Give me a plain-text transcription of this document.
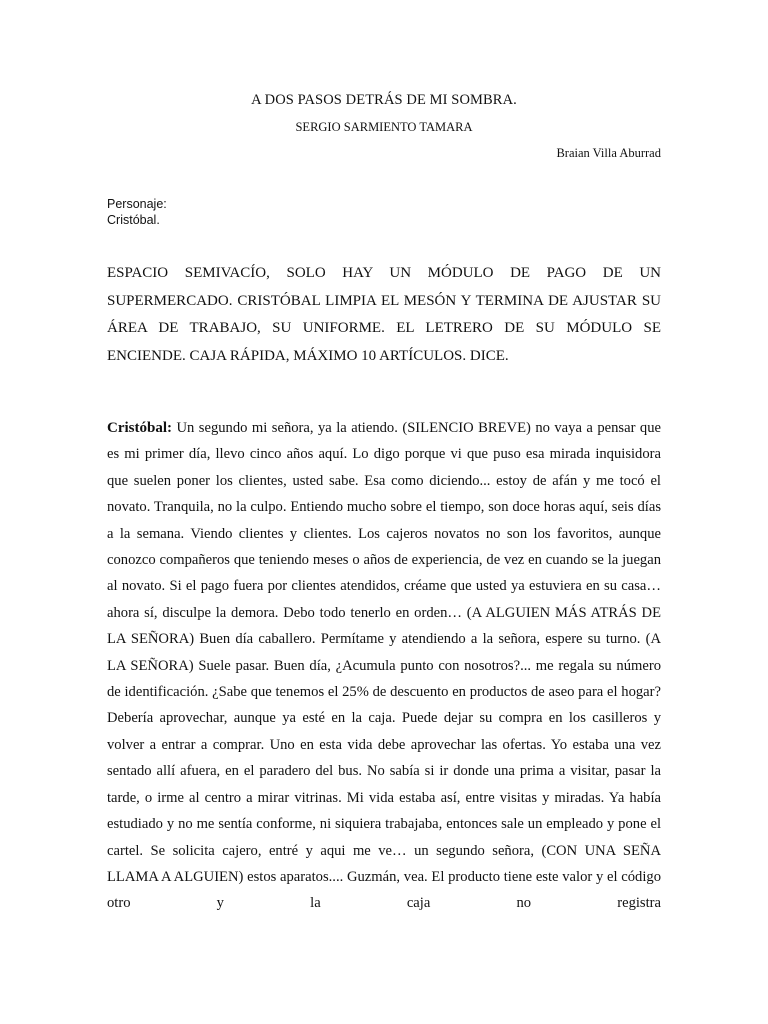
A DOS PASOS DETRÁS DE MI SOMBRA.
SERGIO SARMIENTO TAMARA
Braian Villa Aburrad
Personaje:
Cristóbal.
ESPACIO SEMIVACÍO, SOLO HAY UN MÓDULO DE PAGO DE UN SUPERMERCADO. CRISTÓBAL LIMPIA EL MESÓN Y TERMINA DE AJUSTAR SU ÁREA DE TRABAJO, SU UNIFORME. EL LETRERO DE SU MÓDULO SE ENCIENDE. CAJA RÁPIDA, MÁXIMO 10 ARTÍCULOS. DICE.
Cristóbal: Un segundo mi señora, ya la atiendo. (SILENCIO BREVE) no vaya a pensar que es mi primer día, llevo cinco años aquí. Lo digo porque vi que puso esa mirada inquisidora que suelen poner los clientes, usted sabe. Esa como diciendo... estoy de afán y me tocó el novato. Tranquila, no la culpo. Entiendo mucho sobre el tiempo, son doce horas aquí, seis días a la semana. Viendo clientes y clientes. Los cajeros novatos no son los favoritos, aunque conozco compañeros que teniendo meses o años de experiencia, de vez en cuando se la juegan al novato. Si el pago fuera por clientes atendidos, créame que usted ya estuviera en su casa… ahora sí, disculpe la demora. Debo todo tenerlo en orden… (A ALGUIEN MÁS ATRÁS DE LA SEÑORA) Buen día caballero. Permítame y atendiendo a la señora, espere su turno. (A LA SEÑORA) Suele pasar. Buen día, ¿Acumula punto con nosotros?... me regala su número de identificación. ¿Sabe que tenemos el 25% de descuento en productos de aseo para el hogar? Debería aprovechar, aunque ya esté en la caja. Puede dejar su compra en los casilleros y volver a entrar a comprar. Uno en esta vida debe aprovechar las ofertas. Yo estaba una vez sentado allí afuera, en el paradero del bus. No sabía si ir donde una prima a visitar, pasar la tarde, o irme al centro a mirar vitrinas. Mi vida estaba así, entre visitas y miradas. Ya había estudiado y no me sentía conforme, ni siquiera trabajaba, entonces sale un empleado y pone el cartel. Se solicita cajero, entré y aqui me ve… un segundo señora, (CON UNA SEÑA LLAMA A ALGUIEN) estos aparatos.... Guzmán, vea. El producto tiene este valor y el código otro y la caja no registra
